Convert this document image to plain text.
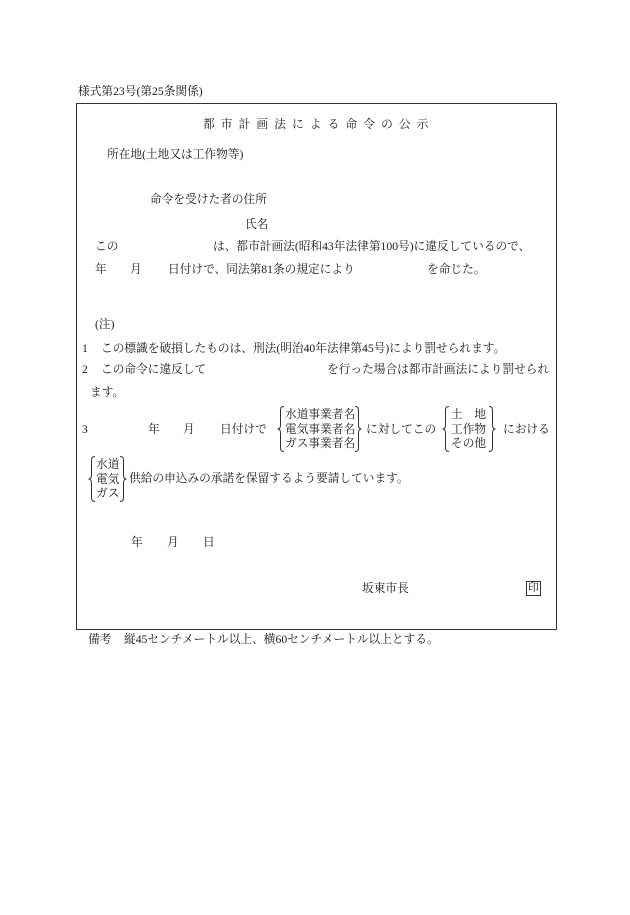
様式第23号(第25条関係)
都 市 計 画 法 に よ る 命 令 の 公 示
所在地(土地又は工作物等)
命令を受けた者の住所
氏名
この	は、都市計画法(昭和43年法律第100号)に違反しているので、
年 月 日付けで、同法第81条の規定により	を命じた。
(注)
1 この標識を破損したものは、刑法(明治40年法律第45号)により罰せられます。
2 この命令に違反して	を行った場合は都市計画法により罰せられ
ます。
3	年 月 日付けで
水道事業者名
電気事業者名
ガス事業者名
に対してこの
土　地
工作物
その他
における
水道
電気
ガス
供給の申込みの承諾を保留するよう要請しています。
年 月 日
坂東市長	印
備考 縦45センチメートル以上、横60センチメートル以上とする。
